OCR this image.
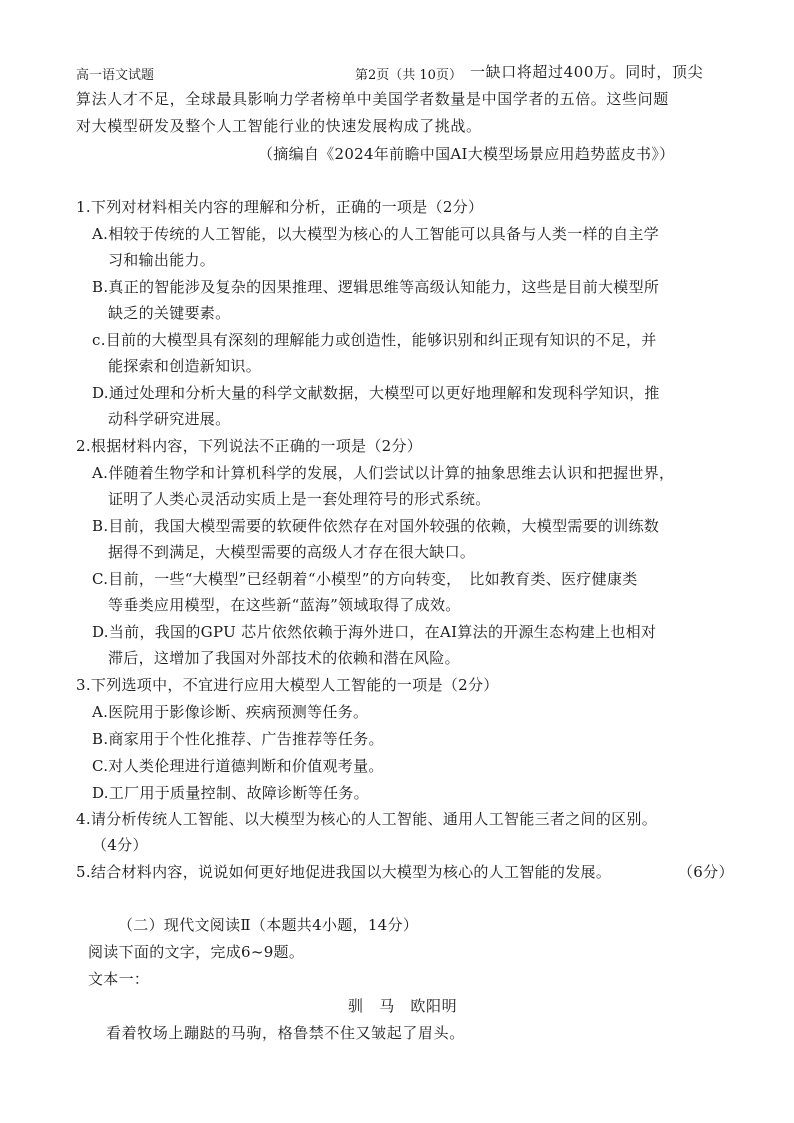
高一语文试题	第2页（共 10页） 一缺口将超过400万。同时，顶尖
算法人才不足，全球最具影响力学者榜单中美国学者数量是中国学者的五倍。这些问题
对大模型研发及整个人工智能行业的快速发展构成了挑战。
（摘编自《2024年前瞻中国AI大模型场景应用趋势蓝皮书》）
1.下列对材料相关内容的理解和分析，正确的一项是（2分）
A.相较于传统的人工智能，以大模型为核心的人工智能可以具备与人类一样的自主学
习和输出能力。
B.真正的智能涉及复杂的因果推理、逻辑思维等高级认知能力，这些是目前大模型所
缺乏的关键要素。
c.目前的大模型具有深刻的理解能力或创造性，能够识别和纠正现有知识的不足，并
能探索和创造新知识。
D.通过处理和分析大量的科学文献数据，大模型可以更好地理解和发现科学知识，推
动科学研究进展。
2.根据材料内容，下列说法不正确的一项是（2分）
A.伴随着生物学和计算机科学的发展，人们尝试以计算的抽象思维去认识和把握世界，
证明了人类心灵活动实质上是一套处理符号的形式系统。
B.目前，我国大模型需要的软硬件依然存在对国外较强的依赖，大模型需要的训练数
据得不到满足，大模型需要的高级人才存在很大缺口。
C.目前，一些“大模型”已经朝着“小模型”的方向转变，　比如教育类、医疗健康类
等垂类应用模型，在这些新“蓝海”领域取得了成效。
D.当前，我国的GPU 芯片依然依赖于海外进口，在AI算法的开源生态构建上也相对
滞后，这增加了我国对外部技术的依赖和潜在风险。
3.下列选项中，不宜进行应用大模型人工智能的一项是（2分）
A.医院用于影像诊断、疾病预测等任务。
B.商家用于个性化推荐、广告推荐等任务。
C.对人类伦理进行道德判断和价值观考量。
D.工厂用于质量控制、故障诊断等任务。
4.请分析传统人工智能、以大模型为核心的人工智能、通用人工智能三者之间的区别。
（4分）
5.结合材料内容，说说如何更好地促进我国以大模型为核心的人工智能的发展。	（6分）
（二）现代文阅读Ⅱ（本题共4小题，14分）
阅读下面的文字，完成6~9题。
文本一：
驯　马　欧阳明
看着牧场上蹦跶的马驹，格鲁禁不住又皱起了眉头。
